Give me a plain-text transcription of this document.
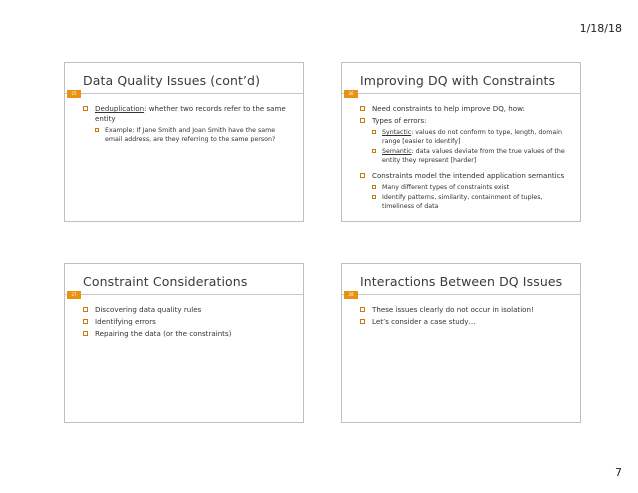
1/18/18
Data Quality Issues (cont’d)
25
Deduplication: whether two records refer to the same entity
Example: If Jane Smith and Joan Smith have the same email address, are they referring to the same person?
Improving DQ with Constraints
26
Need constraints to help improve DQ, how:
Types of errors:
Syntactic: values do not conform to type, length, domain range [easier to identify]
Semantic: data values deviate from the true values of the entity they represent [harder]
Constraints model the intended application semantics
Many different types of constraints exist
Identify patterns, similarity, containment of tuples, timeliness of data
Constraint Considerations
27
Discovering data quality rules
Identifying errors
Repairing the data (or the constraints)
Interactions Between DQ Issues
28
These issues clearly do not occur in isolation!
Let’s consider a case study…
7
